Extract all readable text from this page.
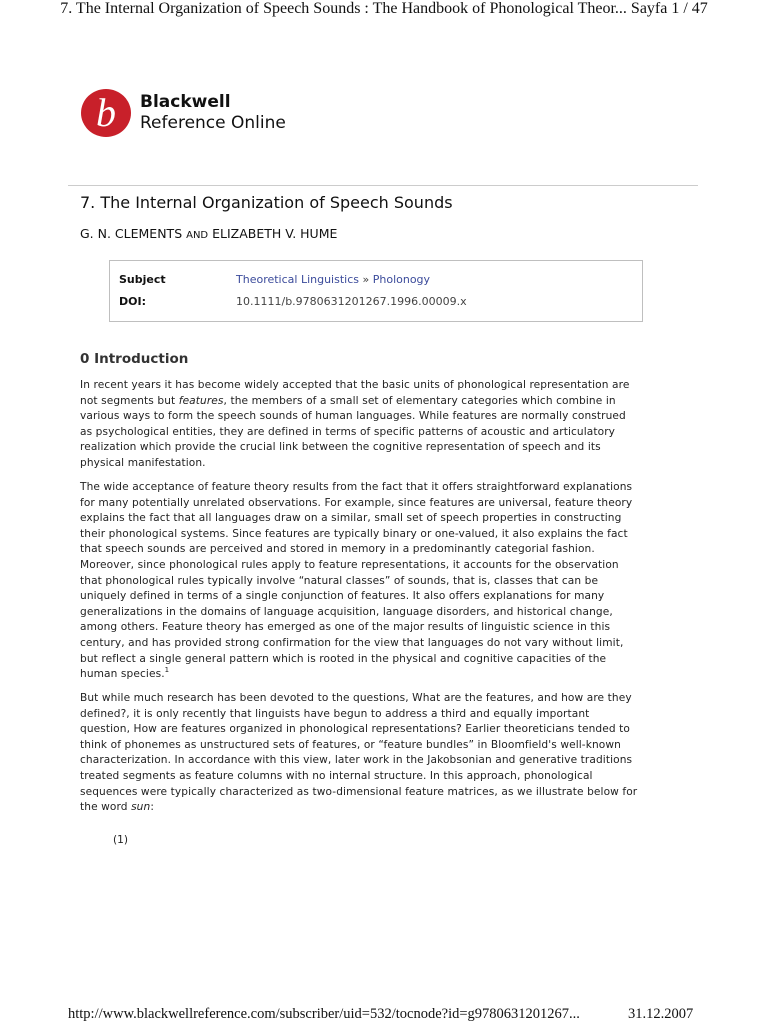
7. The Internal Organization of Speech Sounds : The Handbook of Phonological Theor... Sayfa 1 / 47
b Blackwell
Reference Online
7. The Internal Organization of Speech Sounds
G. N. CLEMENTS AND ELIZABETH V. HUME
Subject	Theoretical Linguistics » Pholonogy
DOI:	10.1111/b.9780631201267.1996.00009.x
0 Introduction
In recent years it has become widely accepted that the basic units of phonological representation are
not segments but features, the members of a small set of elementary categories which combine in
various ways to form the speech sounds of human languages. While features are normally construed
as psychological entities, they are defined in terms of specific patterns of acoustic and articulatory
realization which provide the crucial link between the cognitive representation of speech and its
physical manifestation.
The wide acceptance of feature theory results from the fact that it offers straightforward explanations
for many potentially unrelated observations. For example, since features are universal, feature theory
explains the fact that all languages draw on a similar, small set of speech properties in constructing
their phonological systems. Since features are typically binary or one-valued, it also explains the fact
that speech sounds are perceived and stored in memory in a predominantly categorial fashion.
Moreover, since phonological rules apply to feature representations, it accounts for the observation
that phonological rules typically involve “natural classes” of sounds, that is, classes that can be
uniquely defined in terms of a single conjunction of features. It also offers explanations for many
generalizations in the domains of language acquisition, language disorders, and historical change,
among others. Feature theory has emerged as one of the major results of linguistic science in this
century, and has provided strong confirmation for the view that languages do not vary without limit,
but reflect a single general pattern which is rooted in the physical and cognitive capacities of the
human species.$^1$
But while much research has been devoted to the questions, What are the features, and how are they
defined?, it is only recently that linguists have begun to address a third and equally important
question, How are features organized in phonological representations? Earlier theoreticians tended to
think of phonemes as unstructured sets of features, or “feature bundles” in Bloomfield's well-known
characterization. In accordance with this view, later work in the Jakobsonian and generative traditions
treated segments as feature columns with no internal structure. In this approach, phonological
sequences were typically characterized as two-dimensional feature matrices, as we illustrate below for
the word sun:
(1)
http://www.blackwellreference.com/subscriber/uid=532/tocnode?id=g9780631201267...	31.12.2007
